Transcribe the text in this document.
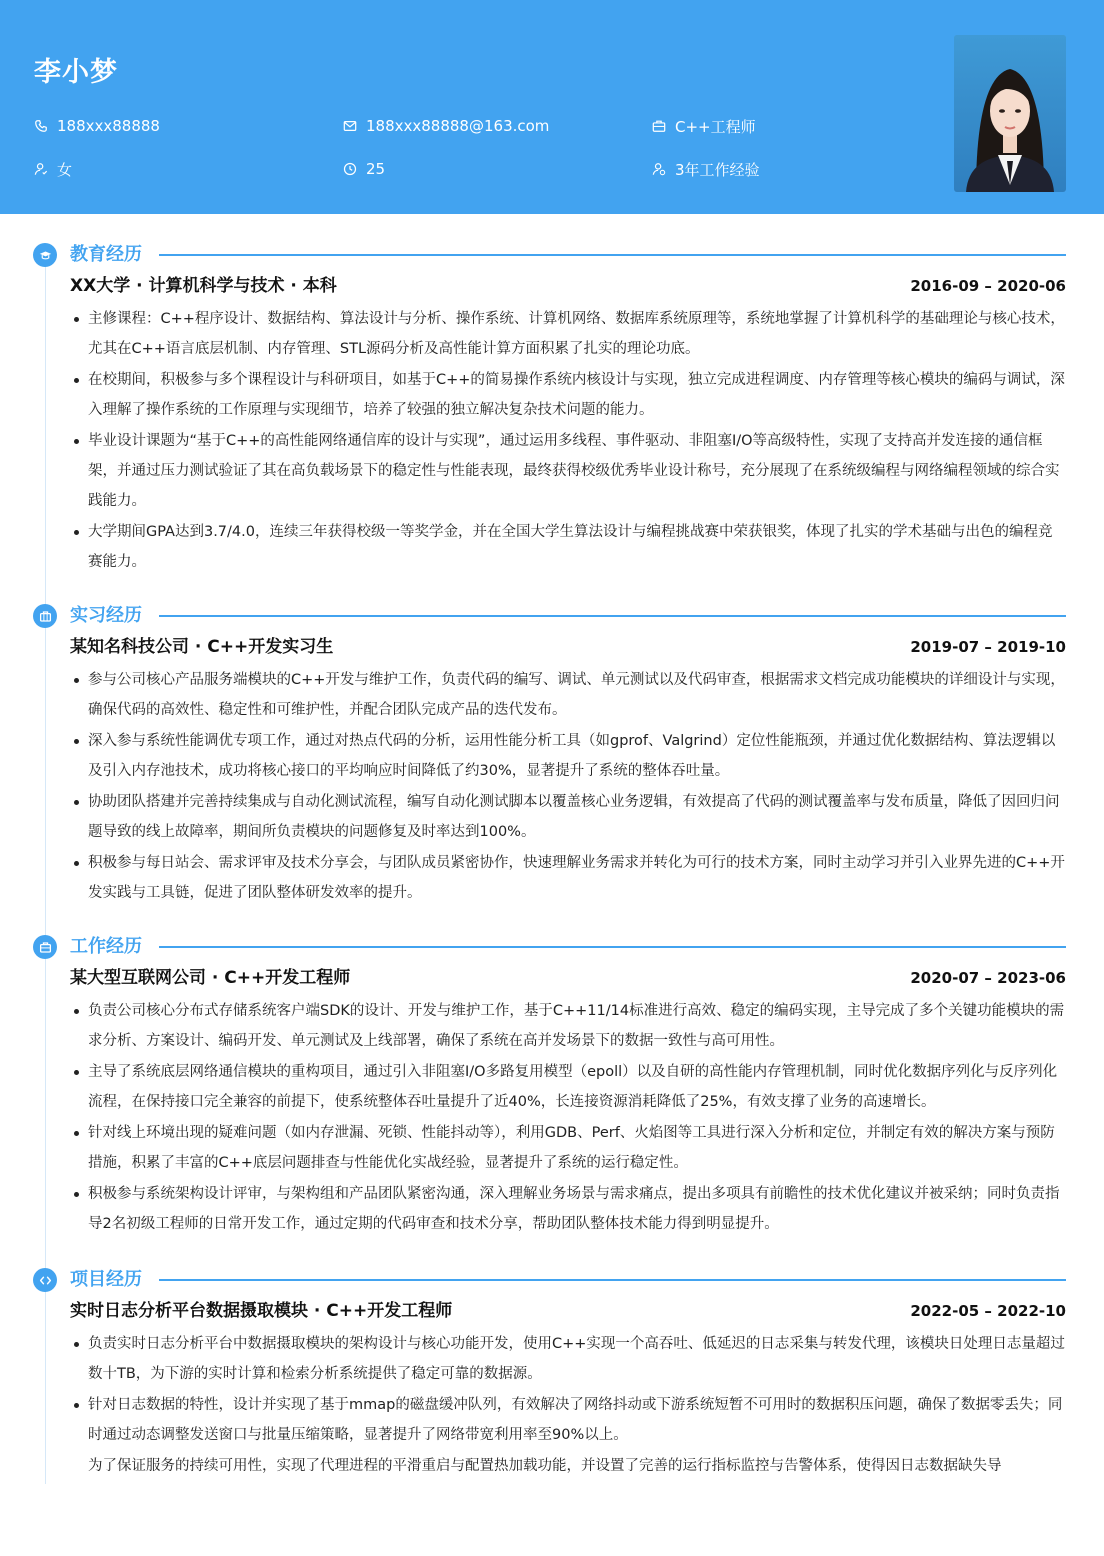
李小梦
188xxx88888	188xxx88888@163.com	C++工程师
女	25	3年工作经验
教育经历
XX大学 · 计算机科学与技术 · 本科	2016-09 – 2020-06
主修课程：C++程序设计、数据结构、算法设计与分析、操作系统、计算机网络、数据库系统原理等，系统地掌握了计算机科学的基础理论与核心技术，尤其在C++语言底层机制、内存管理、STL源码分析及高性能计算方面积累了扎实的理论功底。
在校期间，积极参与多个课程设计与科研项目，如基于C++的简易操作系统内核设计与实现，独立完成进程调度、内存管理等核心模块的编码与调试，深入理解了操作系统的工作原理与实现细节，培养了较强的独立解决复杂技术问题的能力。
毕业设计课题为“基于C++的高性能网络通信库的设计与实现”，通过运用多线程、事件驱动、非阻塞I/O等高级特性，实现了支持高并发连接的通信框架，并通过压力测试验证了其在高负载场景下的稳定性与性能表现，最终获得校级优秀毕业设计称号，充分展现了在系统级编程与网络编程领域的综合实践能力。
大学期间GPA达到3.7/4.0，连续三年获得校级一等奖学金，并在全国大学生算法设计与编程挑战赛中荣获银奖，体现了扎实的学术基础与出色的编程竞赛能力。
实习经历
某知名科技公司 · C++开发实习生	2019-07 – 2019-10
参与公司核心产品服务端模块的C++开发与维护工作，负责代码的编写、调试、单元测试以及代码审查，根据需求文档完成功能模块的详细设计与实现，确保代码的高效性、稳定性和可维护性，并配合团队完成产品的迭代发布。
深入参与系统性能调优专项工作，通过对热点代码的分析，运用性能分析工具（如gprof、Valgrind）定位性能瓶颈，并通过优化数据结构、算法逻辑以及引入内存池技术，成功将核心接口的平均响应时间降低了约30%，显著提升了系统的整体吞吐量。
协助团队搭建并完善持续集成与自动化测试流程，编写自动化测试脚本以覆盖核心业务逻辑，有效提高了代码的测试覆盖率与发布质量，降低了因回归问题导致的线上故障率，期间所负责模块的问题修复及时率达到100%。
积极参与每日站会、需求评审及技术分享会，与团队成员紧密协作，快速理解业务需求并转化为可行的技术方案，同时主动学习并引入业界先进的C++开发实践与工具链，促进了团队整体研发效率的提升。
工作经历
某大型互联网公司 · C++开发工程师	2020-07 – 2023-06
负责公司核心分布式存储系统客户端SDK的设计、开发与维护工作，基于C++11/14标准进行高效、稳定的编码实现，主导完成了多个关键功能模块的需求分析、方案设计、编码开发、单元测试及上线部署，确保了系统在高并发场景下的数据一致性与高可用性。
主导了系统底层网络通信模块的重构项目，通过引入非阻塞I/O多路复用模型（epoll）以及自研的高性能内存管理机制，同时优化数据序列化与反序列化流程，在保持接口完全兼容的前提下，使系统整体吞吐量提升了近40%，长连接资源消耗降低了25%，有效支撑了业务的高速增长。
针对线上环境出现的疑难问题（如内存泄漏、死锁、性能抖动等），利用GDB、Perf、火焰图等工具进行深入分析和定位，并制定有效的解决方案与预防措施，积累了丰富的C++底层问题排查与性能优化实战经验，显著提升了系统的运行稳定性。
积极参与系统架构设计评审，与架构组和产品团队紧密沟通，深入理解业务场景与需求痛点，提出多项具有前瞻性的技术优化建议并被采纳；同时负责指导2名初级工程师的日常开发工作，通过定期的代码审查和技术分享，帮助团队整体技术能力得到明显提升。
项目经历
实时日志分析平台数据摄取模块 · C++开发工程师	2022-05 – 2022-10
负责实时日志分析平台中数据摄取模块的架构设计与核心功能开发，使用C++实现一个高吞吐、低延迟的日志采集与转发代理，该模块日处理日志量超过数十TB，为下游的实时计算和检索分析系统提供了稳定可靠的数据源。
针对日志数据的特性，设计并实现了基于mmap的磁盘缓冲队列，有效解决了网络抖动或下游系统短暂不可用时的数据积压问题，确保了数据零丢失；同时通过动态调整发送窗口与批量压缩策略，显著提升了网络带宽利用率至90%以上。
为了保证服务的持续可用性，实现了代理进程的平滑重启与配置热加载功能，并设置了完善的运行指标监控与告警体系，使得因日志数据缺失导
